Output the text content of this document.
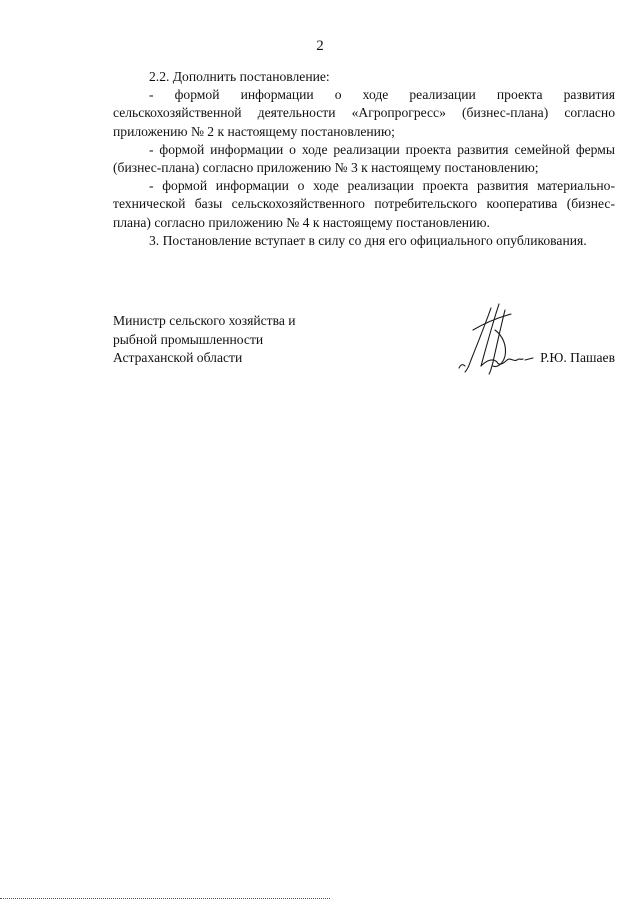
2

2.2. Дополнить постановление:

- формой информации о ходе реализации проекта развития сельскохозяйственной деятельности «Агропрогресс» (бизнес-плана) согласно приложению № 2 к настоящему постановлению;

- формой информации о ходе реализации проекта развития семейной фермы (бизнес-плана) согласно приложению № 3 к настоящему постановлению;

- формой информации о ходе реализации проекта развития материально-технической базы сельскохозяйственного потребительского кооператива (бизнес-плана) согласно приложению № 4 к настоящему постановлению.

3. Постановление вступает в силу со дня его официального опубликования.

Министр сельского хозяйства и
рыбной промышленности
Астраханской области	Р.Ю. Пашаев
